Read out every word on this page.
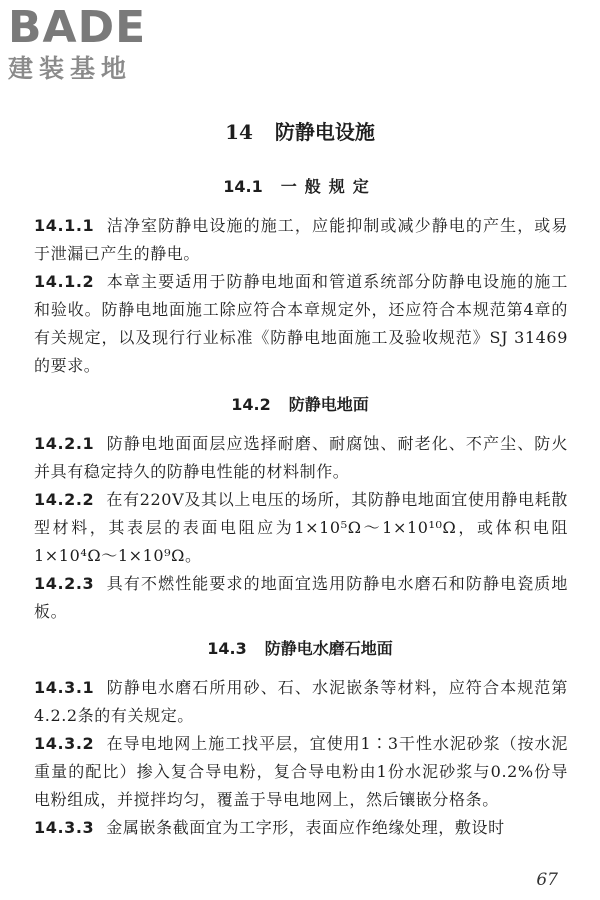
BADE
建装基地
14 防静电设施
14.1 一般规定

14.1.1 洁净室防静电设施的施工，应能抑制或减少静电的产生，或易于泄漏已产生的静电。

14.1.2 本章主要适用于防静电地面和管道系统部分防静电设施的施工和验收。防静电地面施工除应符合本章规定外，还应符合本规范第4章的有关规定，以及现行行业标准《防静电地面施工及验收规范》SJ 31469的要求。

14.2 防静电地面

14.2.1 防静电地面面层应选择耐磨、耐腐蚀、耐老化、不产尘、防火并具有稳定持久的防静电性能的材料制作。

14.2.2 在有220V及其以上电压的场所，其防静电地面宜使用静电耗散型材料，其表层的表面电阻应为1×10⁵Ω～1×10¹⁰Ω，或体积电阻1×10⁴Ω～1×10⁹Ω。

14.2.3 具有不燃性能要求的地面宜选用防静电水磨石和防静电瓷质地板。

14.3 防静电水磨石地面

14.3.1 防静电水磨石所用砂、石、水泥嵌条等材料，应符合本规范第4.2.2条的有关规定。

14.3.2 在导电地网上施工找平层，宜使用1∶3干性水泥砂浆（按水泥重量的配比）掺入复合导电粉，复合导电粉由1份水泥砂浆与0.2%份导电粉组成，并搅拌均匀，覆盖于导电地网上，然后镶嵌分格条。

14.3.3 金属嵌条截面宜为工字形，表面应作绝缘处理，敷设时

67
